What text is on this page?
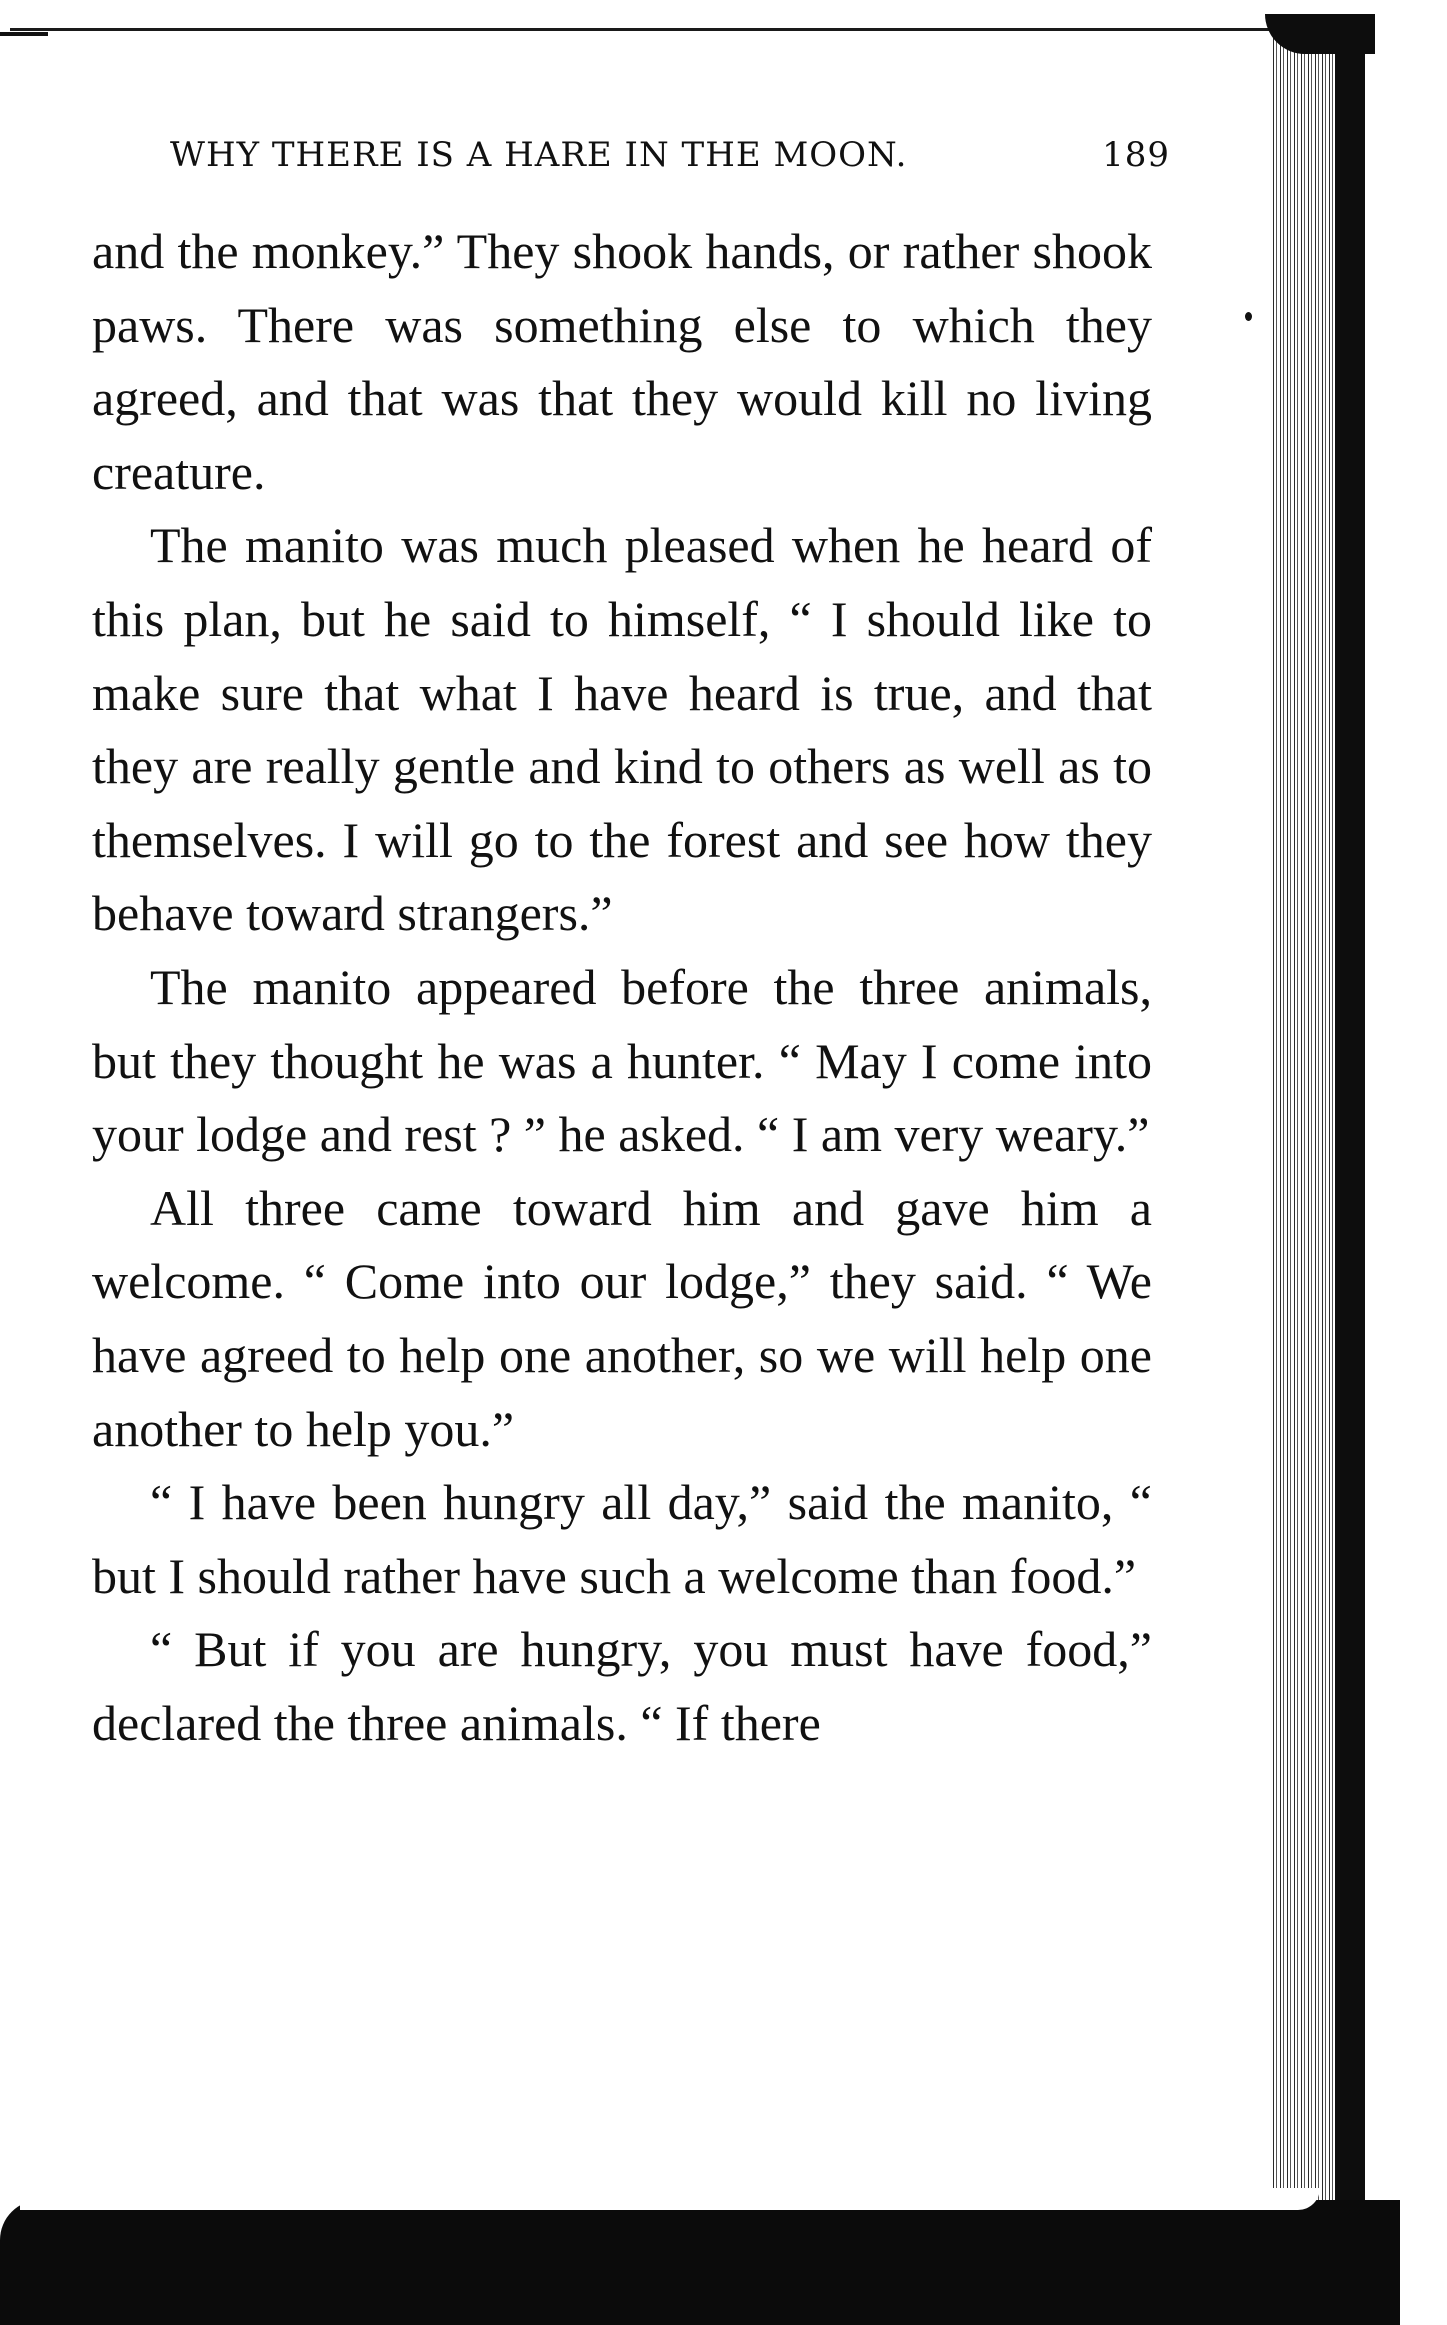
WHY THERE IS A HARE IN THE MOON.	189

and the monkey.” They shook hands, or rather shook paws. There was something else to which they agreed, and that was that they would kill no living creature.

The manito was much pleased when he heard of this plan, but he said to himself, “ I should like to make sure that what I have heard is true, and that they are really gentle and kind to others as well as to themselves. I will go to the forest and see how they behave toward strangers.”

The manito appeared before the three animals, but they thought he was a hunter. “ May I come into your lodge and rest ? ” he asked. “ I am very weary.”

All three came toward him and gave him a welcome. “ Come into our lodge,” they said. “ We have agreed to help one another, so we will help one another to help you.”

“ I have been hungry all day,” said the manito, “ but I should rather have such a welcome than food.”

“ But if you are hungry, you must have food,” declared the three animals. “ If there
